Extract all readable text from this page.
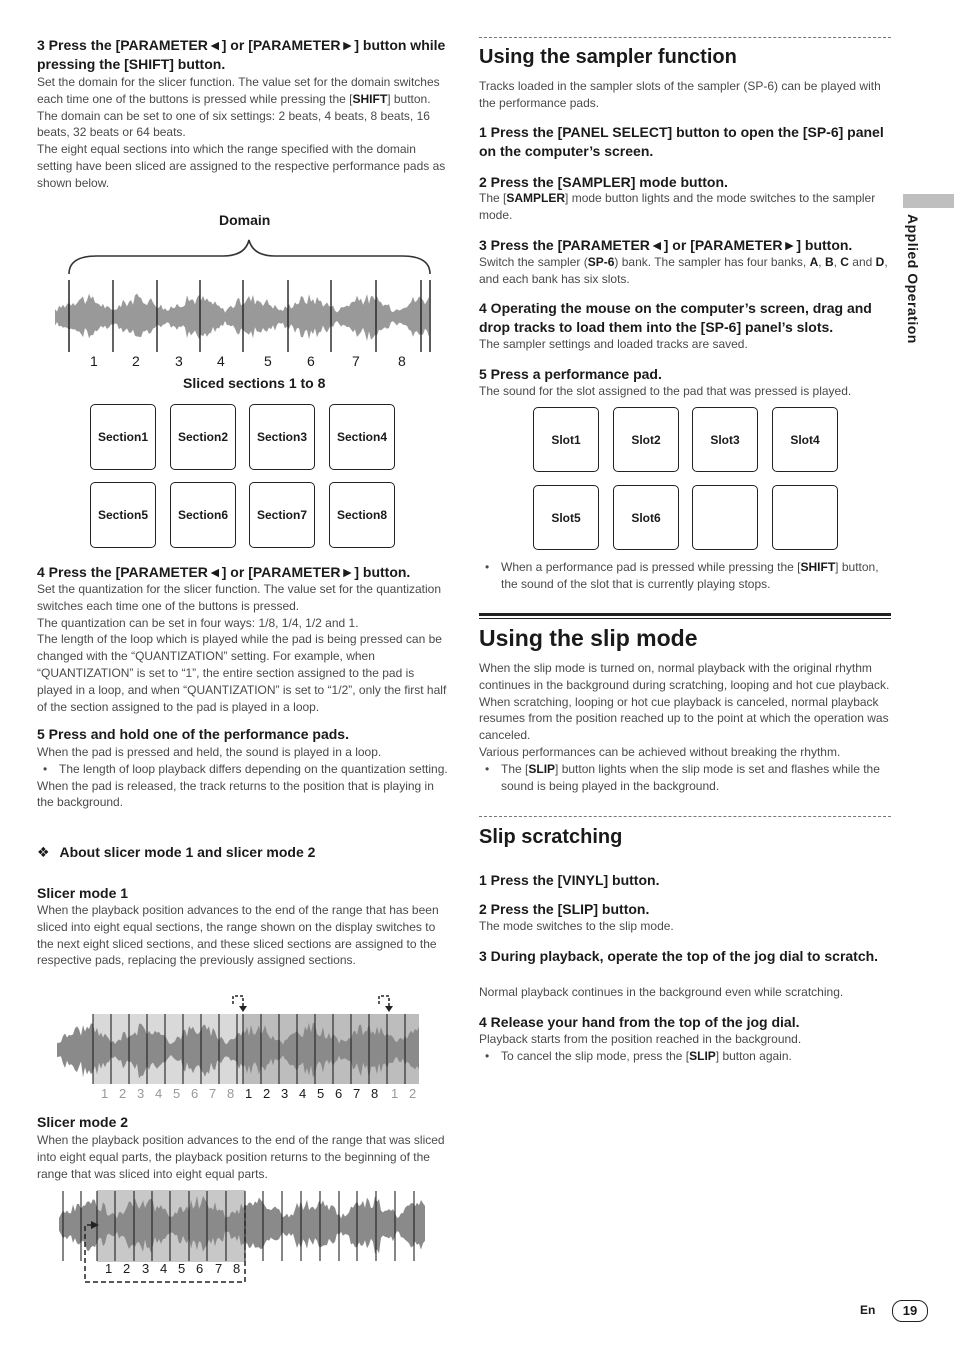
3 Press the [PARAMETER◄] or [PARAMETER►] button while pressing the [SHIFT] button.
Set the domain for the slicer function. The value set for the domain switches each time one of the buttons is pressed while pressing the [SHIFT] button.
The domain can be set to one of six settings: 2 beats, 4 beats, 8 beats, 16 beats, 32 beats or 64 beats.
The eight equal sections into which the range specified with the domain setting have been sliced are assigned to the respective performance pads as shown below.
Domain
1 2	3 4	5	6	7	8
Sliced sections 1 to 8
Section1	Section2	Section3	Section4
Section5	Section6	Section7	Section8
4 Press the [PARAMETER◄] or [PARAMETER►] button.
Set the quantization for the slicer function. The value set for the quantization switches each time one of the buttons is pressed.
The quantization can be set in four ways: 1/8, 1/4, 1/2 and 1.
The length of the loop which is played while the pad is being pressed can be changed with the “QUANTIZATION” setting. For example, when “QUANTIZATION” is set to “1”, the entire section assigned to the pad is played in a loop, and when “QUANTIZATION” is set to “1/2”, only the first half of the section assigned to the pad is played in a loop.
5 Press and hold one of the performance pads.
When the pad is pressed and held, the sound is played in a loop.
• The length of loop playback differs depending on the quantization setting.
When the pad is released, the track returns to the position that is playing in the background.
❖ About slicer mode 1 and slicer mode 2
Slicer mode 1
When the playback position advances to the end of the range that has been sliced into eight equal sections, the range shown on the display switches to the next eight sliced sections, and these sliced sections are assigned to the respective pads, replacing the previously assigned sections.
1 2 3 4 5 6 7 8 1 2 3 4 5 6 7 8 1 2
Slicer mode 2
When the playback position advances to the end of the range that was sliced into eight equal parts, the playback position returns to the beginning of the range that was sliced into eight equal parts.
1 2 3 4 5 6 7 8
Using the sampler function
Tracks loaded in the sampler slots of the sampler (SP-6) can be played with the performance pads.
1 Press the [PANEL SELECT] button to open the [SP-6] panel on the computer’s screen.
2 Press the [SAMPLER] mode button.
The [SAMPLER] mode button lights and the mode switches to the sampler mode.
3 Press the [PARAMETER◄] or [PARAMETER►] button.
Switch the sampler (SP-6) bank. The sampler has four banks, A, B, C and D, and each bank has six slots.
4 Operating the mouse on the computer’s screen, drag and drop tracks to load them into the [SP-6] panel’s slots.
The sampler settings and loaded tracks are saved.
5 Press a performance pad.
The sound for the slot assigned to the pad that was pressed is played.
Slot1	Slot2	Slot3	Slot4
Slot5	Slot6
• When a performance pad is pressed while pressing the [SHIFT] button, the sound of the slot that is currently playing stops.
Using the slip mode
When the slip mode is turned on, normal playback with the original rhythm continues in the background during scratching, looping and hot cue playback. When scratching, looping or hot cue playback is canceled, normal playback resumes from the position reached up to the point at which the operation was canceled.
Various performances can be achieved without breaking the rhythm.
• The [SLIP] button lights when the slip mode is set and flashes while the sound is being played in the background.
Slip scratching
1 Press the [VINYL] button.
2 Press the [SLIP] button.
The mode switches to the slip mode.
3 During playback, operate the top of the jog dial to scratch.
Normal playback continues in the background even while scratching.
4 Release your hand from the top of the jog dial.
Playback starts from the position reached in the background.
• To cancel the slip mode, press the [SLIP] button again.
Applied Operation
En	19
